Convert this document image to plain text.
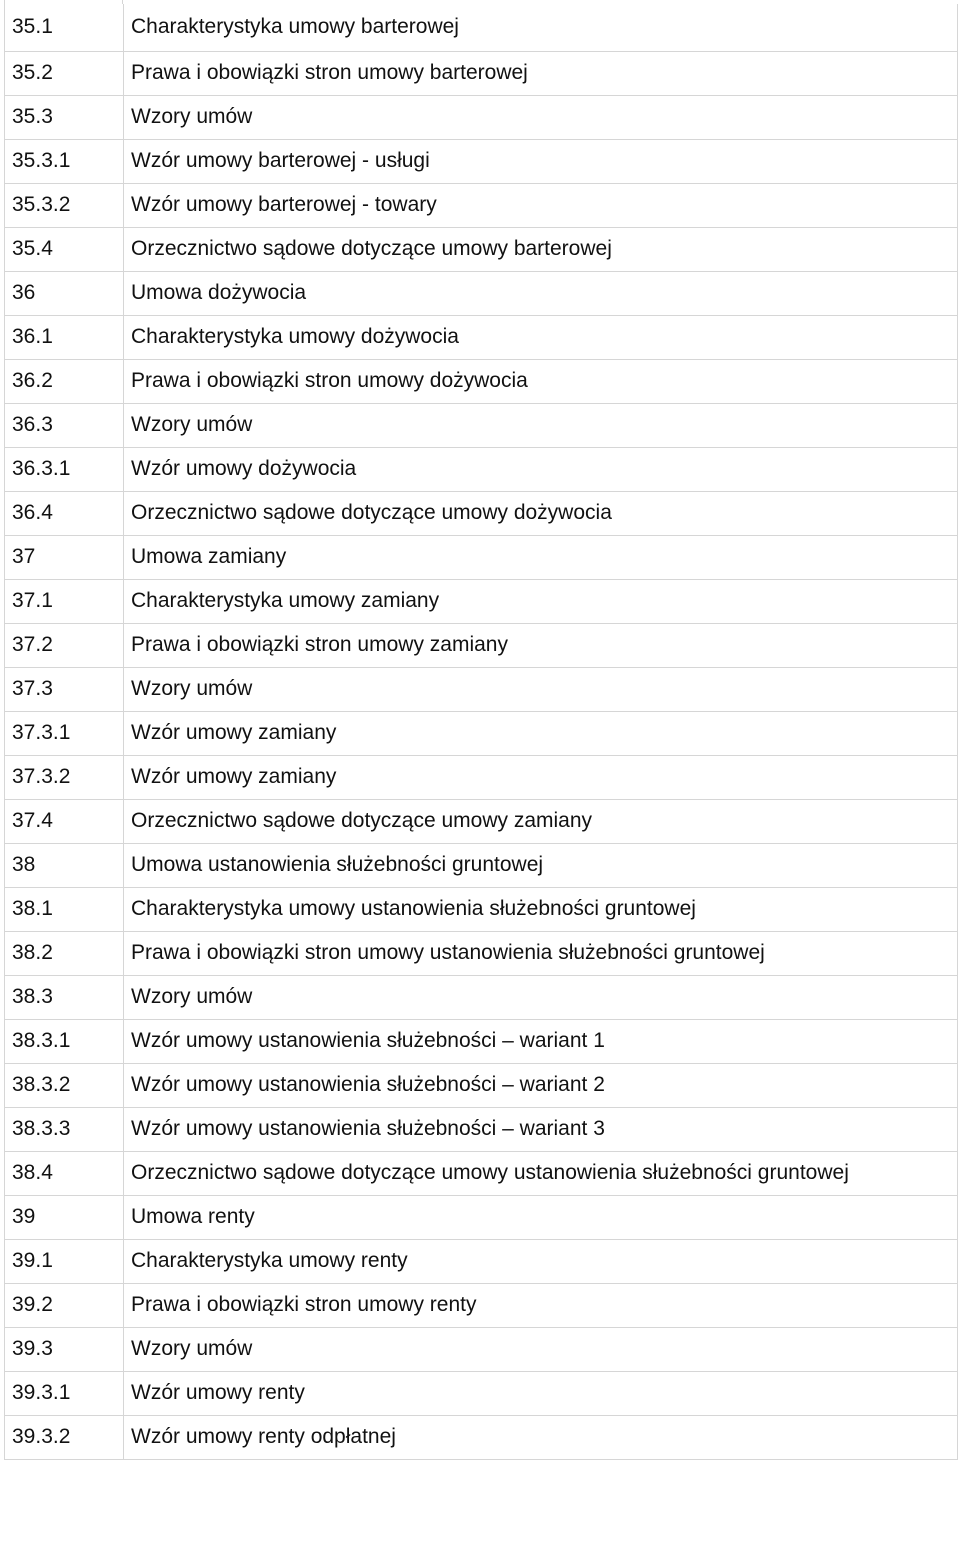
35.1	Charakterystyka umowy barterowej
35.2	Prawa i obowiązki stron umowy barterowej
35.3	Wzory umów
35.3.1	Wzór umowy barterowej - usługi
35.3.2	Wzór umowy barterowej - towary
35.4	Orzecznictwo sądowe dotyczące umowy barterowej
36	Umowa dożywocia
36.1	Charakterystyka umowy dożywocia
36.2	Prawa i obowiązki stron umowy dożywocia
36.3	Wzory umów
36.3.1	Wzór umowy dożywocia
36.4	Orzecznictwo sądowe dotyczące umowy dożywocia
37	Umowa zamiany
37.1	Charakterystyka umowy zamiany
37.2	Prawa i obowiązki stron umowy zamiany
37.3	Wzory umów
37.3.1	Wzór umowy zamiany
37.3.2	Wzór umowy zamiany
37.4	Orzecznictwo sądowe dotyczące umowy zamiany
38	Umowa ustanowienia służebności gruntowej
38.1	Charakterystyka umowy ustanowienia służebności gruntowej
38.2	Prawa i obowiązki stron umowy ustanowienia służebności gruntowej
38.3	Wzory umów
38.3.1	Wzór umowy ustanowienia służebności – wariant 1
38.3.2	Wzór umowy ustanowienia służebności – wariant 2
38.3.3	Wzór umowy ustanowienia służebności – wariant 3
38.4	Orzecznictwo sądowe dotyczące umowy ustanowienia służebności gruntowej
39	Umowa renty
39.1	Charakterystyka umowy renty
39.2	Prawa i obowiązki stron umowy renty
39.3	Wzory umów
39.3.1	Wzór umowy renty
39.3.2	Wzór umowy renty odpłatnej
